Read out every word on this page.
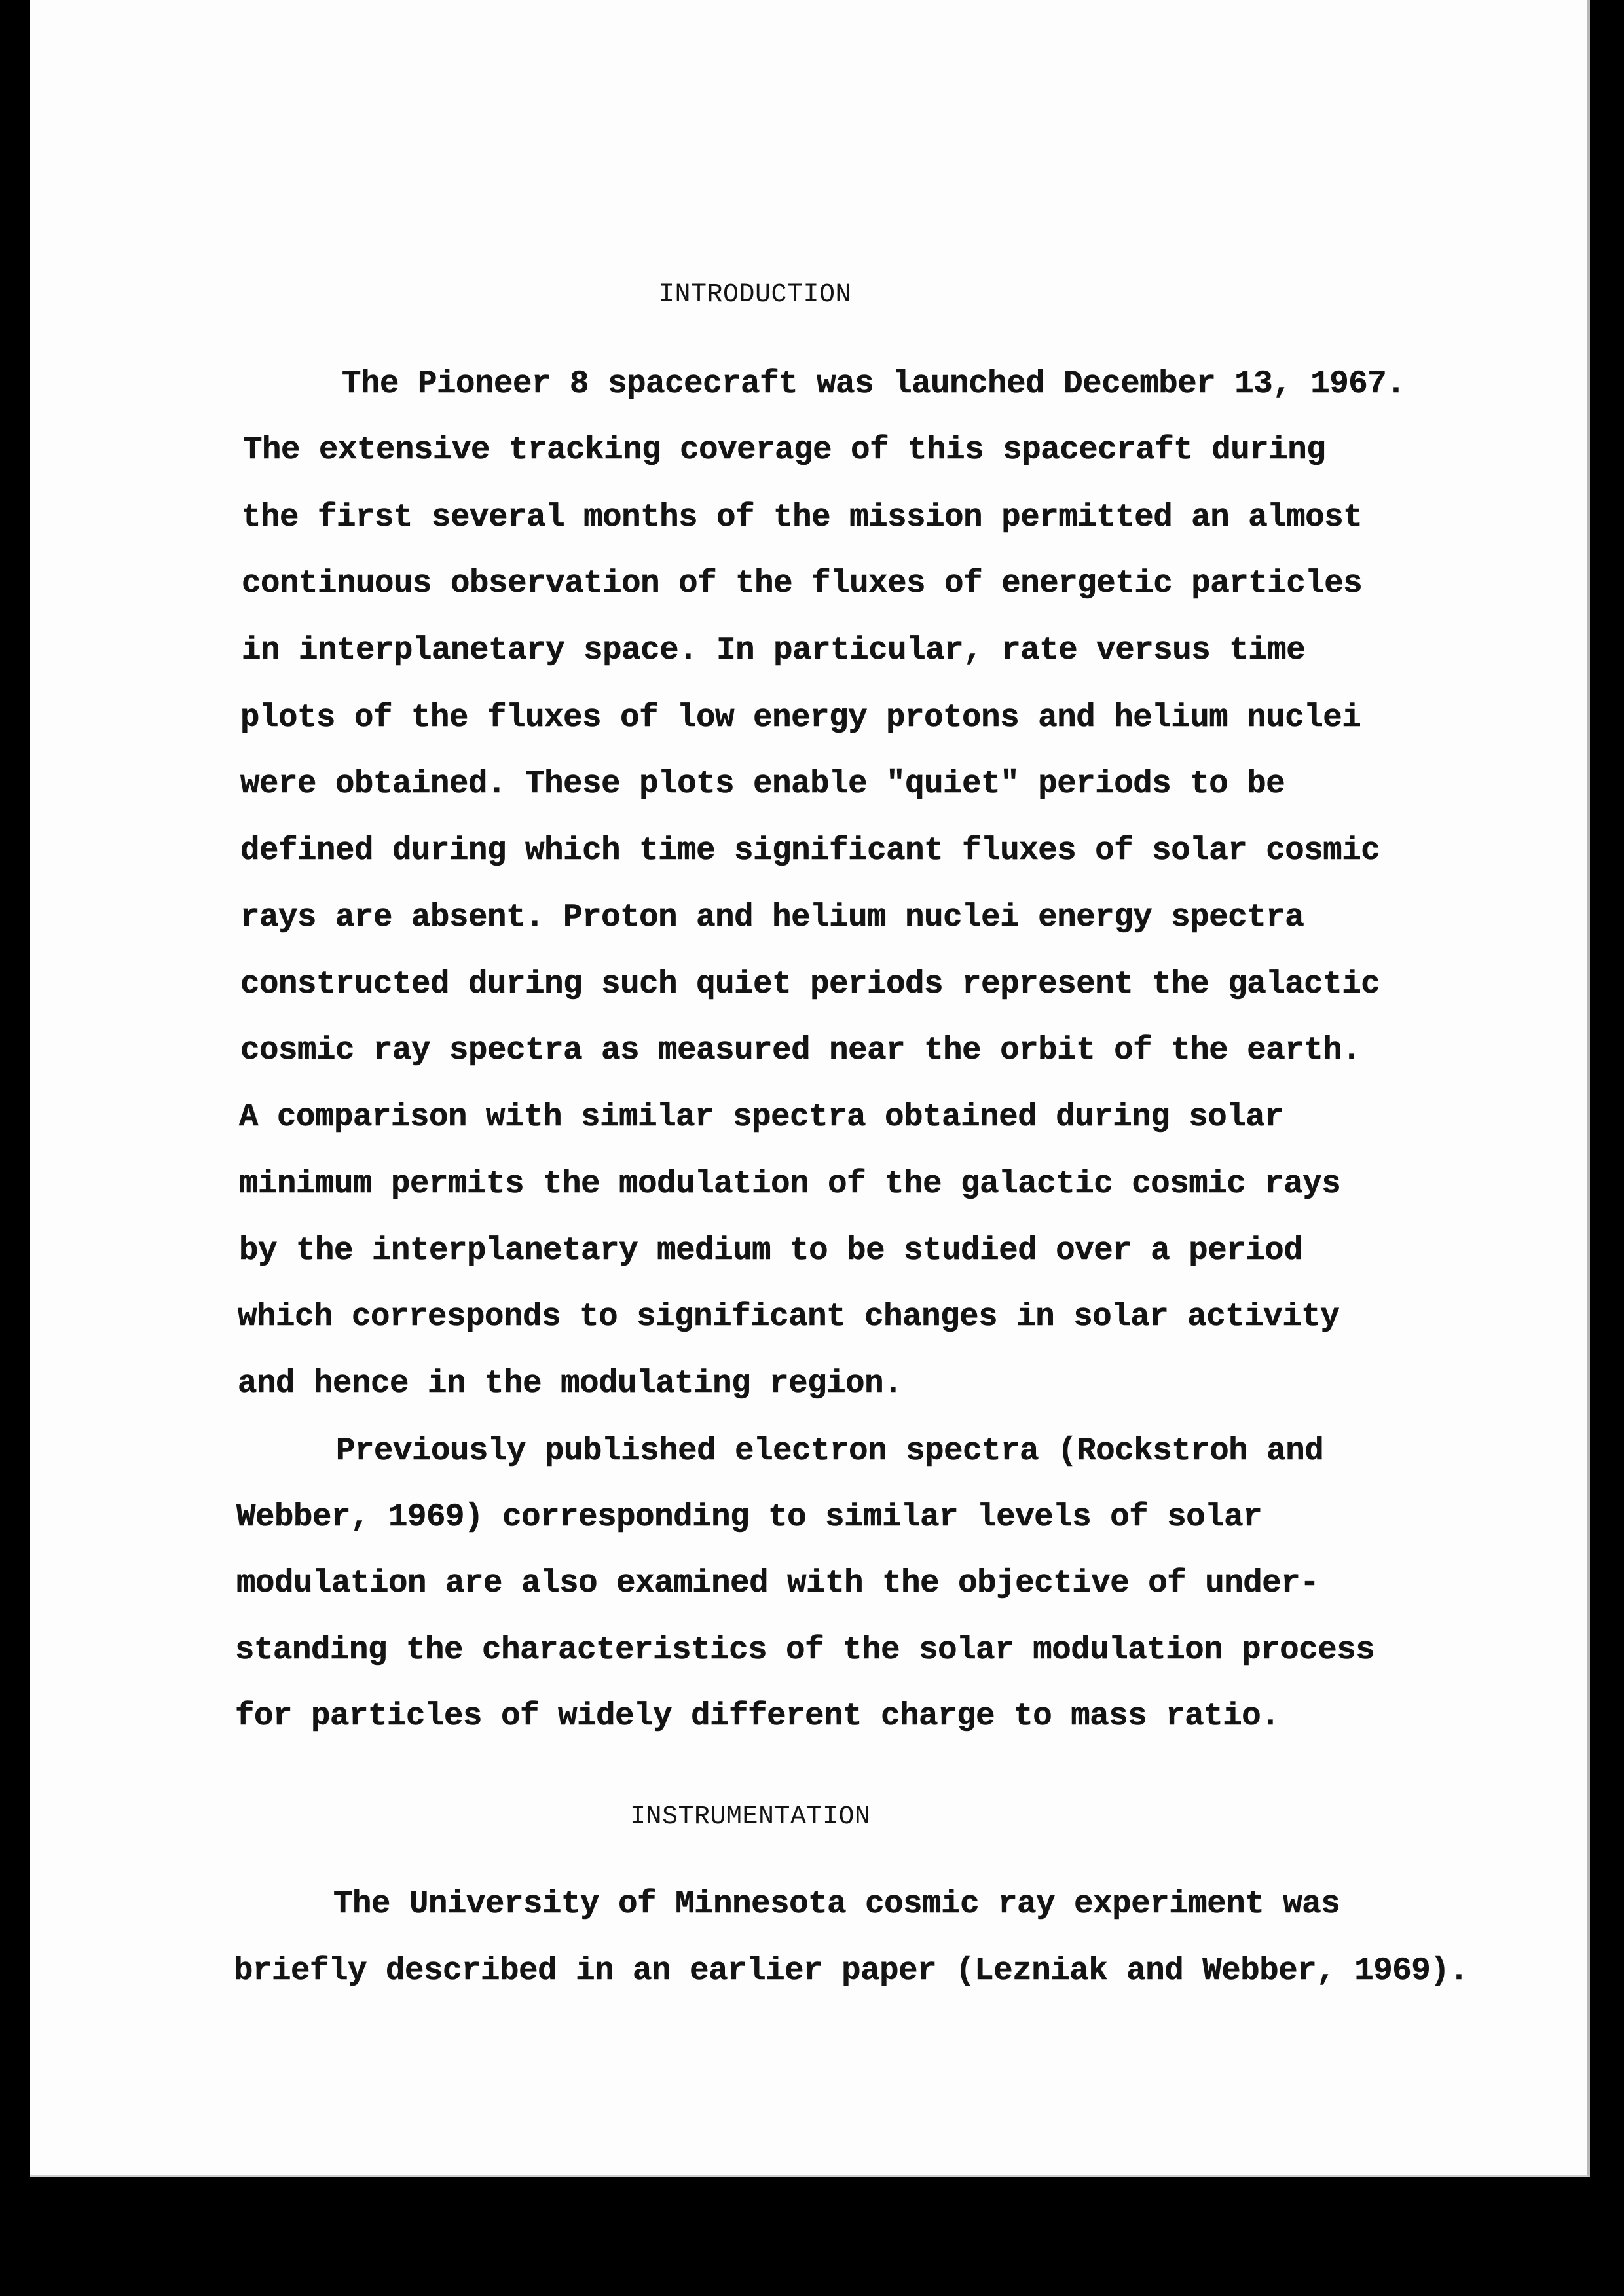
INTRODUCTION
The Pioneer 8 spacecraft was launched December 13, 1967.
The extensive tracking coverage of this spacecraft during
the first several months of the mission permitted an almost
continuous observation of the fluxes of energetic particles
in interplanetary space. In particular, rate versus time
plots of the fluxes of low energy protons and helium nuclei
were obtained. These plots enable "quiet" periods to be
defined during which time significant fluxes of solar cosmic
rays are absent. Proton and helium nuclei energy spectra
constructed during such quiet periods represent the galactic
cosmic ray spectra as measured near the orbit of the earth.
A comparison with similar spectra obtained during solar
minimum permits the modulation of the galactic cosmic rays
by the interplanetary medium to be studied over a period
which corresponds to significant changes in solar activity
and hence in the modulating region.
Previously published electron spectra (Rockstroh and
Webber, 1969) corresponding to similar levels of solar
modulation are also examined with the objective of under-
standing the characteristics of the solar modulation process
for particles of widely different charge to mass ratio.
INSTRUMENTATION
The University of Minnesota cosmic ray experiment was
briefly described in an earlier paper (Lezniak and Webber, 1969).
